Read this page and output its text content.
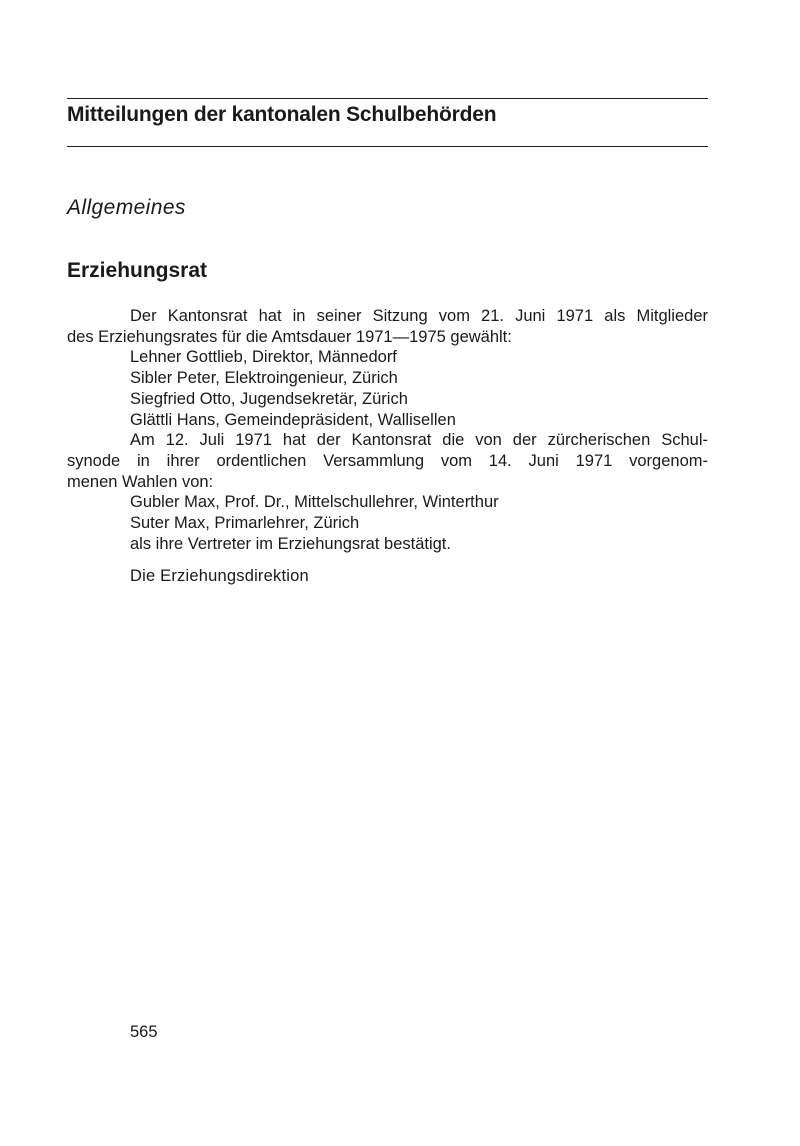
Mitteilungen der kantonalen Schulbehörden
Allgemeines
Erziehungsrat
Der Kantonsrat hat in seiner Sitzung vom 21. Juni 1971 als Mitglieder
des Erziehungsrates für die Amtsdauer 1971—1975 gewählt:
Lehner Gottlieb, Direktor, Männedorf
Sibler Peter, Elektroingenieur, Zürich
Siegfried Otto, Jugendsekretär, Zürich
Glättli Hans, Gemeindepräsident, Wallisellen
Am 12. Juli 1971 hat der Kantonsrat die von der zürcherischen Schul-
synode in ihrer ordentlichen Versammlung vom 14. Juni 1971 vorgenom-
menen Wahlen von:
Gubler Max, Prof. Dr., Mittelschullehrer, Winterthur
Suter Max, Primarlehrer, Zürich
als ihre Vertreter im Erziehungsrat bestätigt.
Die Erziehungsdirektion
565
